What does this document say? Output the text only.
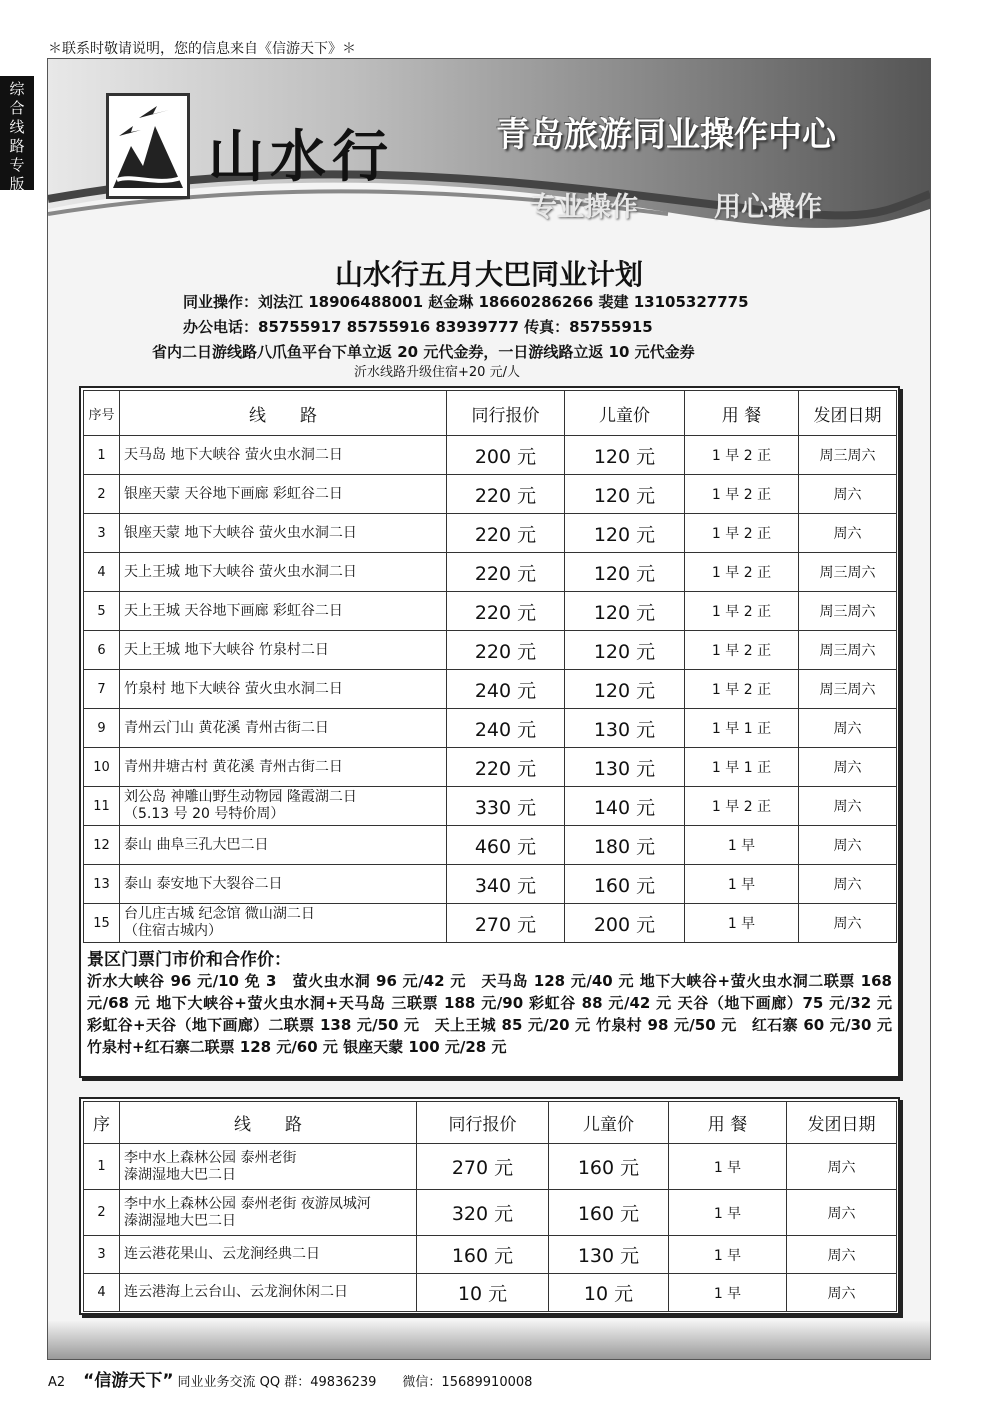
＊联系时敬请说明，您的信息来自《信游天下》＊
综合线路专版	山水行	青岛旅游同业操作中心
专业操作	用心操作
山水行五月大巴同业计划
同业操作：刘法江 18906488001 赵金琳 18660286266 裴建 13105327775
办公电话：85755917 85755916 83939777 传真：85755915
省内二日游线路八爪鱼平台下单立返 20 元代金券，一日游线路立返 10 元代金券
沂水线路升级住宿+20 元/人
序号	线　　路	同行报价	儿童价	用 餐	发团日期
1	天马岛 地下大峡谷 萤火虫水洞二日	200 元	120 元	1 早 2 正	周三周六
2	银座天蒙 天谷地下画廊 彩虹谷二日	220 元	120 元	1 早 2 正	周六
3	银座天蒙 地下大峡谷 萤火虫水洞二日	220 元	120 元	1 早 2 正	周六
4	天上王城 地下大峡谷 萤火虫水洞二日	220 元	120 元	1 早 2 正	周三周六
5	天上王城 天谷地下画廊 彩虹谷二日	220 元	120 元	1 早 2 正	周三周六
6	天上王城 地下大峡谷 竹泉村二日	220 元	120 元	1 早 2 正	周三周六
7	竹泉村 地下大峡谷 萤火虫水洞二日	240 元	120 元	1 早 2 正	周三周六
9	青州云门山 黄花溪 青州古街二日	240 元	130 元	1 早 1 正	周六
10	青州井塘古村 黄花溪 青州古街二日	220 元	130 元	1 早 1 正	周六
11	刘公岛 神雕山野生动物园 隆霞湖二日
（5.13 号 20 号特价周）	330 元	140 元	1 早 2 正	周六
12	泰山 曲阜三孔大巴二日	460 元	180 元	1 早	周六
13	泰山 泰安地下大裂谷二日	340 元	160 元	1 早	周六
15	台儿庄古城 纪念馆 微山湖二日
（住宿古城内）	270 元	200 元	1 早	周六
景区门票门市价和合作价：
沂水大峡谷 96 元/10 免 3　萤火虫水洞 96 元/42 元　天马岛 128 元/40 元 地下大峡谷+萤火虫水洞二联票 168 元/68 元 地下大峡谷+萤火虫水洞+天马岛 三联票 188 元/90 彩虹谷 88 元/42 元 天谷（地下画廊）75 元/32 元　彩虹谷+天谷（地下画廊）二联票 138 元/50 元　天上王城 85 元/20 元 竹泉村 98 元/50 元　红石寨 60 元/30 元 竹泉村+红石寨二联票 128 元/60 元 银座天蒙 100 元/28 元
序	线　　路	同行报价	儿童价	用 餐	发团日期
1	李中水上森林公园 泰州老街
溱湖湿地大巴二日	270 元	160 元	1 早	周六
2	李中水上森林公园 泰州老街 夜游凤城河
溱湖湿地大巴二日	320 元	160 元	1 早	周六
3	连云港花果山、云龙涧经典二日	160 元	130 元	1 早	周六
4	连云港海上云台山、云龙涧休闲二日	10 元	10 元	1 早	周六
A2 “信游天下” 同业业务交流 QQ 群：49836239　　微信：15689910008
